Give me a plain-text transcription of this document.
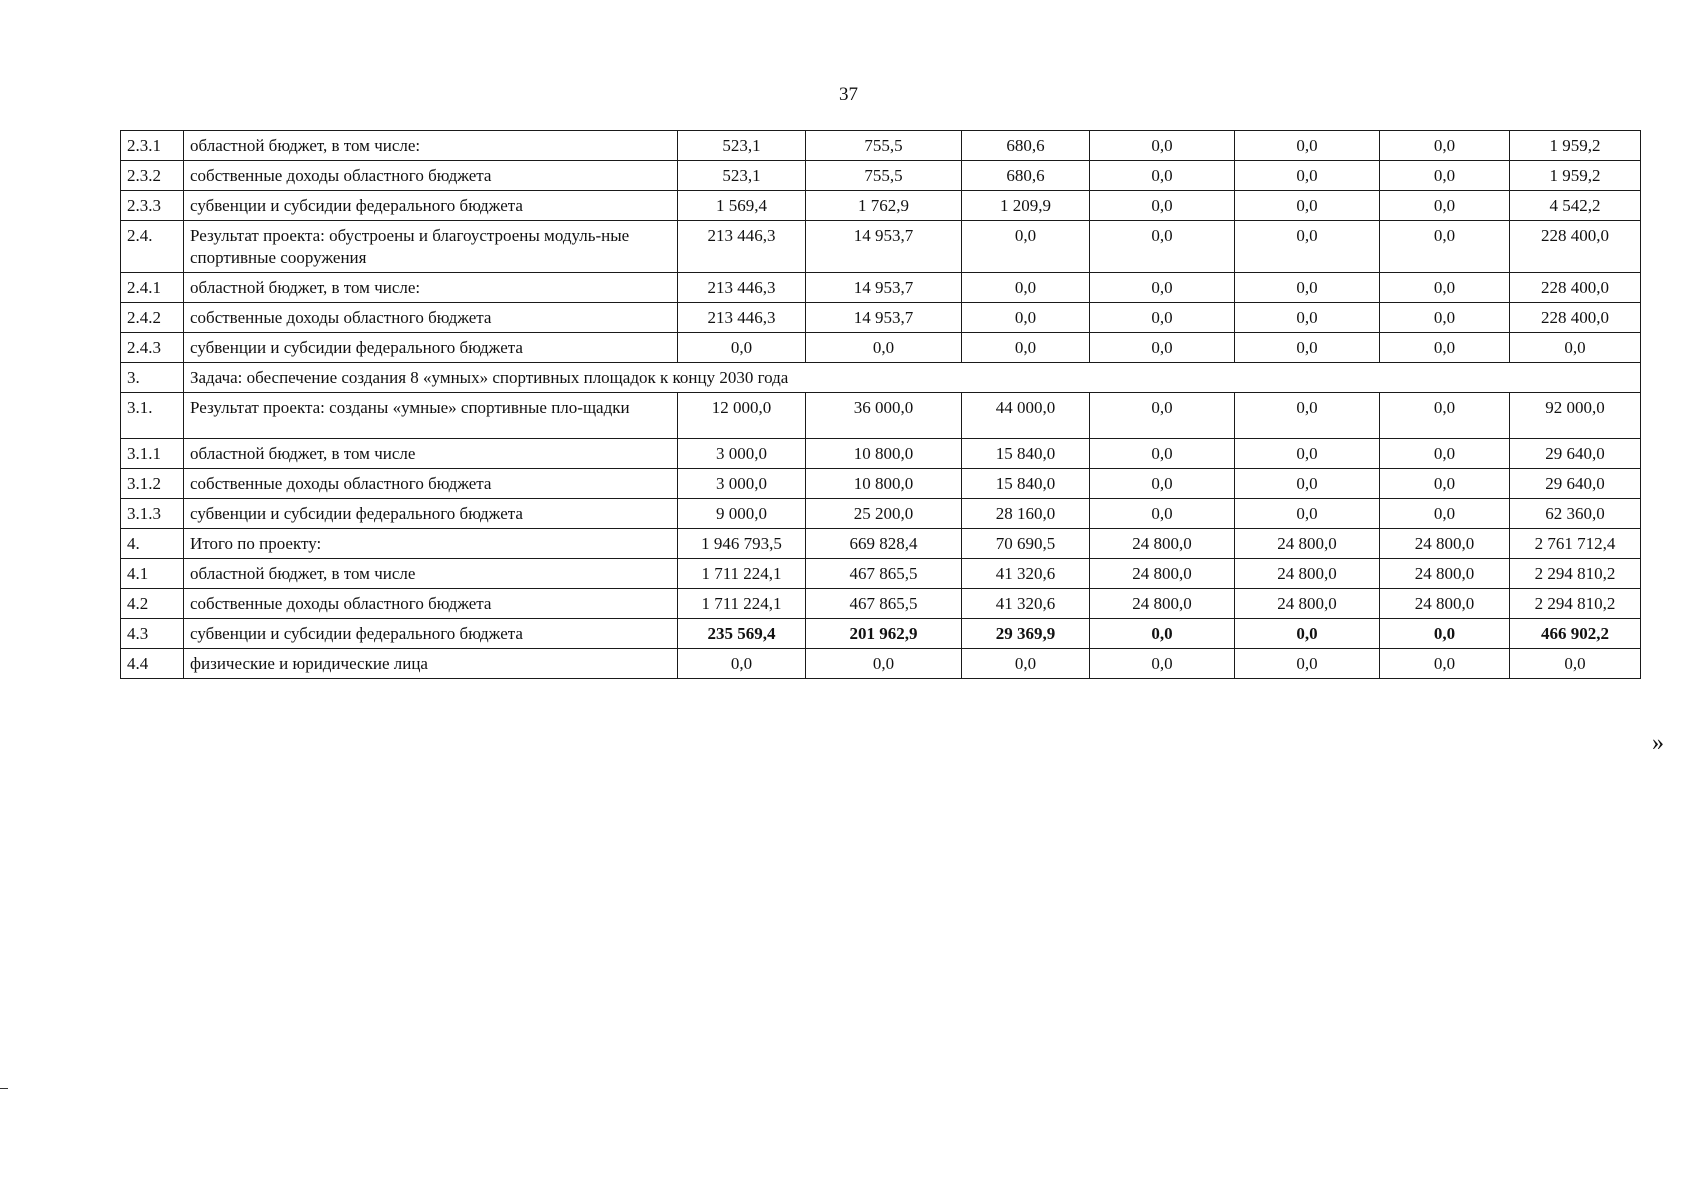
37
2.3.1	областной бюджет, в том числе:	523,1	755,5	680,6	0,0	0,0	0,0	1 959,2

2.3.2	собственные доходы областного бюджета	523,1	755,5	680,6	0,0	0,0	0,0	1 959,2

2.3.3	субвенции и субсидии федерального бюджета	1 569,4	1 762,9	1 209,9	0,0	0,0	0,0	4 542,2

2.4.	Результат проекта: обустроены и благоустроены модуль-ные спортивные сооружения	213 446,3	14 953,7	0,0	0,0	0,0	0,0	228 400,0

2.4.1	областной бюджет, в том числе:	213 446,3	14 953,7	0,0	0,0	0,0	0,0	228 400,0

2.4.2	собственные доходы областного бюджета	213 446,3	14 953,7	0,0	0,0	0,0	0,0	228 400,0

2.4.3	субвенции и субсидии федерального бюджета	0,0	0,0	0,0	0,0	0,0	0,0	0,0

3.	Задача: обеспечение создания 8 «умных» спортивных площадок к концу 2030 года							
3.1.	Результат проекта: созданы «умные» спортивные пло-щадки	12 000,0	36 000,0	44 000,0	0,0	0,0	0,0	92 000,0

3.1.1	областной бюджет, в том числе	3 000,0	10 800,0	15 840,0	0,0	0,0	0,0	29 640,0

3.1.2	собственные доходы областного бюджета	3 000,0	10 800,0	15 840,0	0,0	0,0	0,0	29 640,0

3.1.3	субвенции и субсидии федерального бюджета	9 000,0	25 200,0	28 160,0	0,0	0,0	0,0	62 360,0

4.	Итого по проекту:	1 946 793,5	669 828,4	70 690,5	24 800,0	24 800,0	24 800,0	2 761 712,4

4.1	областной бюджет, в том числе	1 711 224,1	467 865,5	41 320,6	24 800,0	24 800,0	24 800,0	2 294 810,2

4.2	собственные доходы областного бюджета	1 711 224,1	467 865,5	41 320,6	24 800,0	24 800,0	24 800,0	2 294 810,2

4.3	субвенции и субсидии федерального бюджета	235 569,4	201 962,9	29 369,9	0,0	0,0	0,0	466 902,2

4.4	физические и юридические лица	0,0	0,0	0,0	0,0	0,0	0,0	0,0
»
